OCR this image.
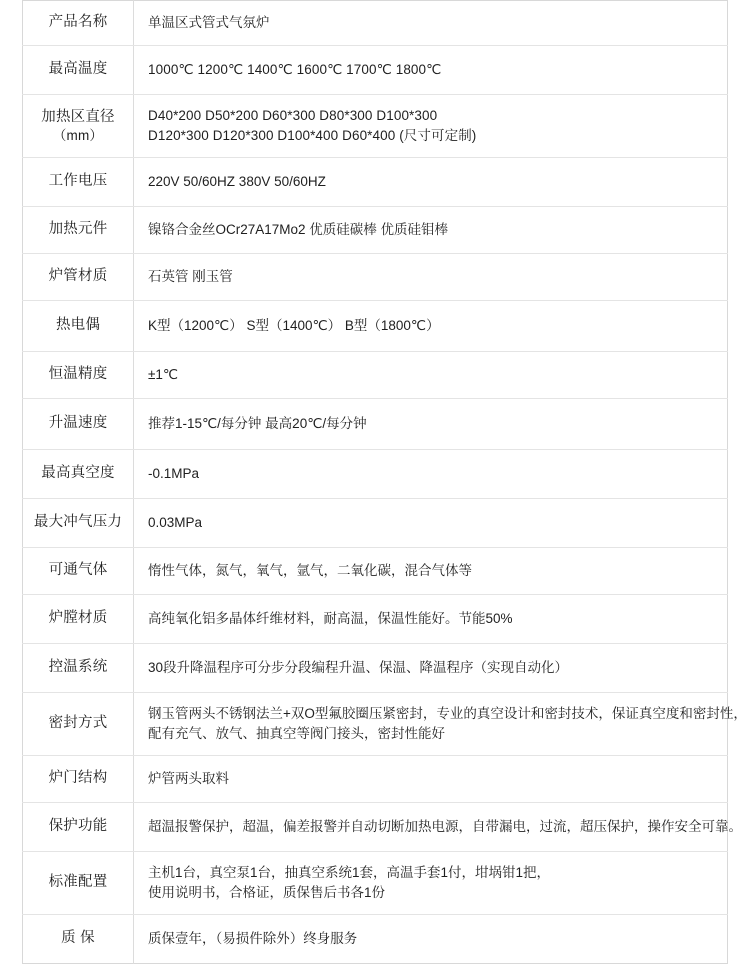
产品名称	单温区式管式气氛炉

最高温度	1000℃ 1200℃ 1400℃ 1600℃ 1700℃ 1800℃

加热区直径
（mm）	D40*200 D50*200 D60*300 D80*300 D100*300
D120*300 D120*300 D100*400 D60*400 (尺寸可定制)

工作电压	220V 50/60HZ 380V 50/60HZ

加热元件	镍铬合金丝OCr27A17Mo2 优质硅碳棒 优质硅钼棒

炉管材质	石英管 刚玉管

热电偶	K型（1200℃） S型（1400℃） B型（1800℃）

恒温精度	±1℃

升温速度	推荐1-15℃/每分钟 最高20℃/每分钟

最高真空度	-0.1MPa

最大冲气压力	0.03MPa

可通气体	惰性气体，氮气，氧气，氩气，二氧化碳，混合气体等

炉膛材质	高纯氧化铝多晶体纤维材料，耐高温，保温性能好。节能50%

控温系统	30段升降温程序可分步分段编程升温、保温、降温程序（实现自动化）

密封方式	钢玉管两头不锈钢法兰+双O型氟胶圈压紧密封，专业的真空设计和密封技术，保证真空度和密封性，
配有充气、放气、抽真空等阀门接头，密封性能好

炉门结构	炉管两头取料

保护功能	超温报警保护，超温，偏差报警并自动切断加热电源，自带漏电，过流，超压保护，操作安全可靠。

标准配置	主机1台，真空泵1台，抽真空系统1套，高温手套1付，坩埚钳1把，
使用说明书，合格证，质保售后书各1份

质 保	质保壹年，（易损件除外）终身服务
